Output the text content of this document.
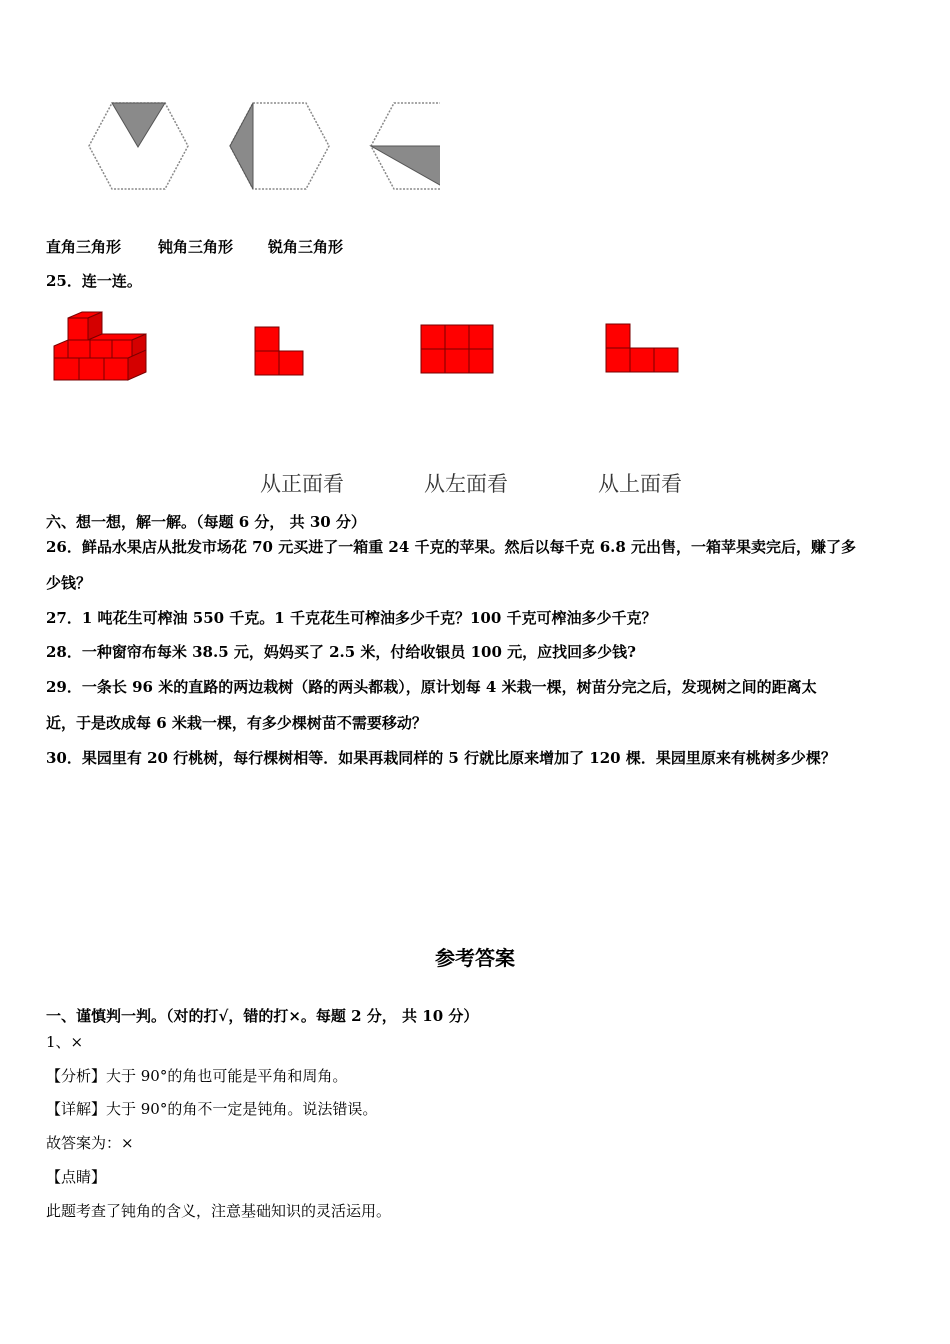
直角三角形 钝角三角形 锐角三角形
25．连一连。
从正面看	从左面看	从上面看
六、想一想，解一解。（每题 6 分， 共 30 分）
26．鲜品水果店从批发市场花 70 元买进了一箱重 24 千克的苹果。然后以每千克 6.8 元出售，一箱苹果卖完后，赚了多
少钱？
27．1 吨花生可榨油 550 千克。1 千克花生可榨油多少千克？100 千克可榨油多少千克？
28．一种窗帘布每米 38.5 元，妈妈买了 2.5 米，付给收银员 100 元，应找回多少钱?
29．一条长 96 米的直路的两边栽树（路的两头都栽），原计划每 4 米栽一棵，树苗分完之后，发现树之间的距离太
近，于是改成每 6 米栽一棵，有多少棵树苗不需要移动？
30．果园里有 20 行桃树，每行棵树相等．如果再栽同样的 5 行就比原来增加了 120 棵．果园里原来有桃树多少棵？
参考答案
一、谨慎判一判。（对的打√，错的打×。每题 2 分， 共 10 分）
1、×
【分析】大于 90°的角也可能是平角和周角。
【详解】大于 90°的角不一定是钝角。说法错误。
故答案为：×
【点睛】
此题考查了钝角的含义，注意基础知识的灵活运用。
